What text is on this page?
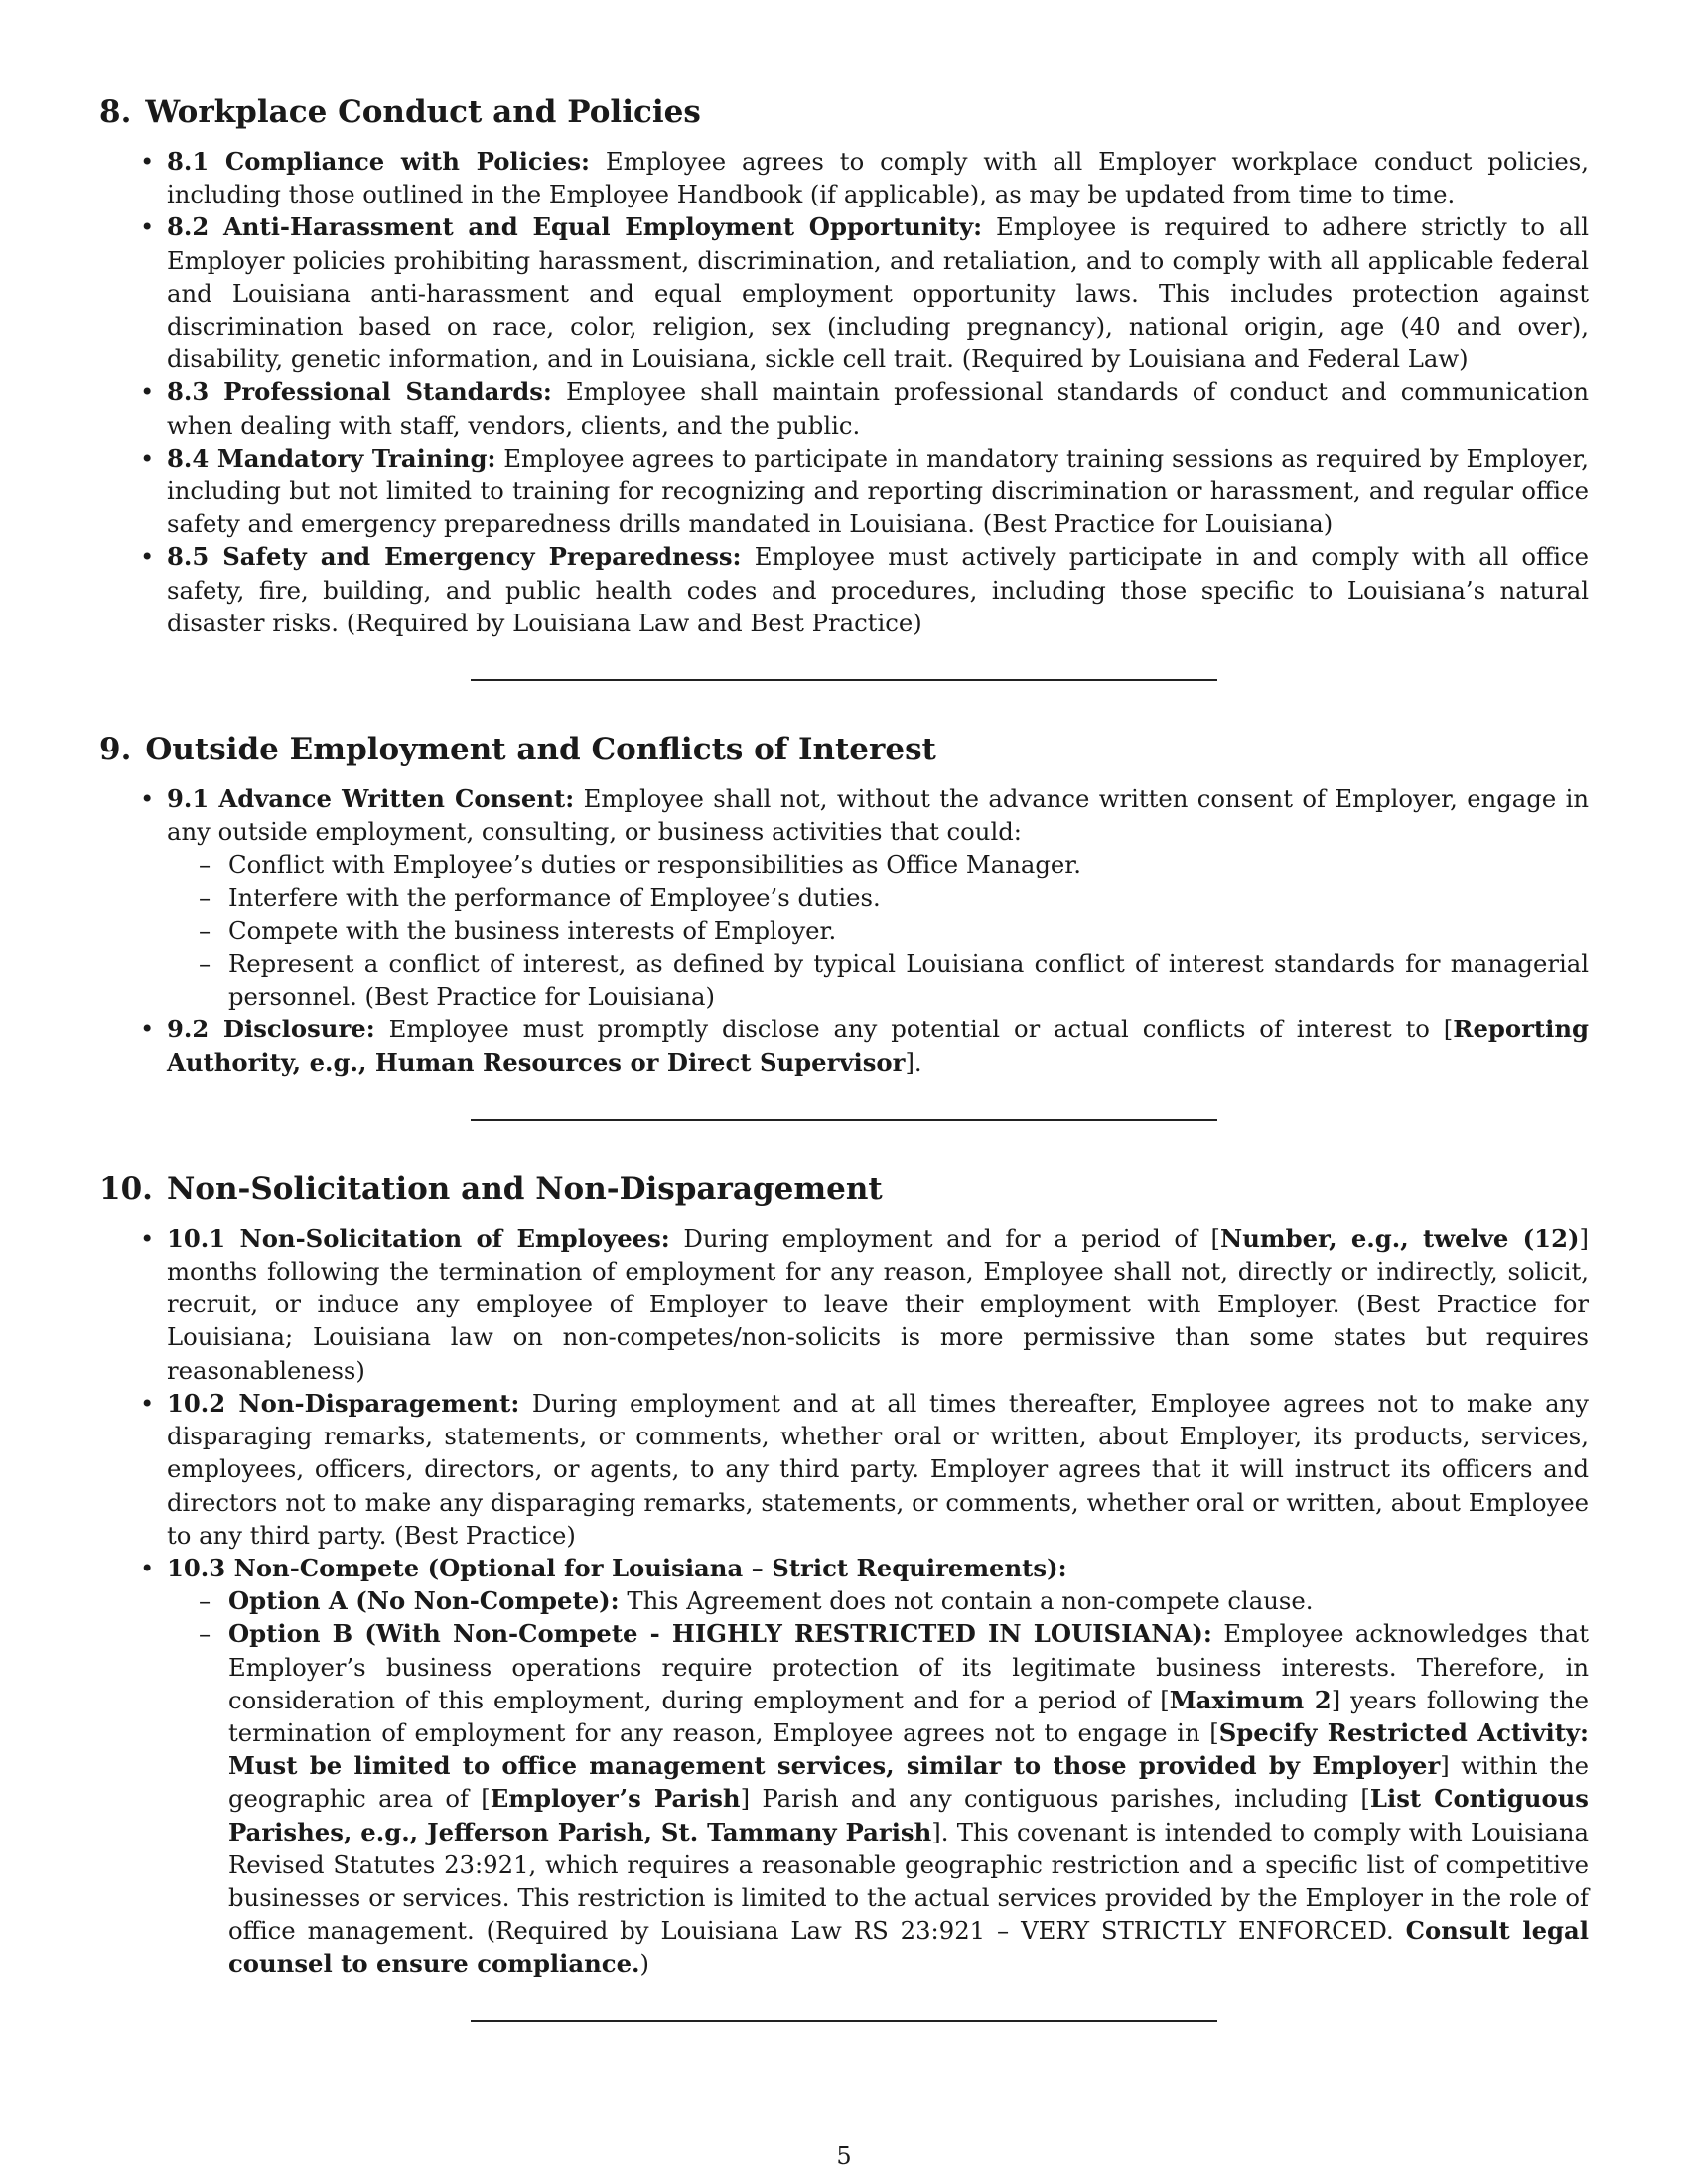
8. Workplace Conduct and Policies
• 8.1 Compliance with Policies: Employee agrees to comply with all Employer workplace conduct policies, including those outlined in the Employee Handbook (if applicable), as may be updated from time to time.
• 8.2 Anti-Harassment and Equal Employment Opportunity: Employee is required to adhere strictly to all Employer policies prohibiting harassment, discrimination, and retaliation, and to comply with all applicable federal and Louisiana anti-harassment and equal employment opportunity laws. This includes protection against discrimination based on race, color, religion, sex (including pregnancy), national origin, age (40 and over), disability, genetic information, and in Louisiana, sickle cell trait. (Required by Louisiana and Federal Law)
• 8.3 Professional Standards: Employee shall maintain professional standards of conduct and communication when dealing with staff, vendors, clients, and the public.
• 8.4 Mandatory Training: Employee agrees to participate in mandatory training sessions as required by Employer, including but not limited to training for recognizing and reporting discrimination or harassment, and regular office safety and emergency preparedness drills mandated in Louisiana. (Best Practice for Louisiana)
• 8.5 Safety and Emergency Preparedness: Employee must actively participate in and comply with all office safety, fire, building, and public health codes and procedures, including those specific to Louisiana’s natural disaster risks. (Required by Louisiana Law and Best Practice)
9. Outside Employment and Conflicts of Interest
• 9.1 Advance Written Consent: Employee shall not, without the advance written consent of Employer, engage in any outside employment, consulting, or business activities that could:
– Conflict with Employee’s duties or responsibilities as Office Manager.
– Interfere with the performance of Employee’s duties.
– Compete with the business interests of Employer.
– Represent a conflict of interest, as defined by typical Louisiana conflict of interest standards for managerial personnel. (Best Practice for Louisiana)
• 9.2 Disclosure: Employee must promptly disclose any potential or actual conflicts of interest to [Reporting Authority, e.g., Human Resources or Direct Supervisor].
10. Non-Solicitation and Non-Disparagement
• 10.1 Non-Solicitation of Employees: During employment and for a period of [Number, e.g., twelve (12)] months following the termination of employment for any reason, Employee shall not, directly or indirectly, solicit, recruit, or induce any employee of Employer to leave their employment with Employer. (Best Practice for Louisiana; Louisiana law on non-competes/non-solicits is more permissive than some states but requires reasonableness)
• 10.2 Non-Disparagement: During employment and at all times thereafter, Employee agrees not to make any disparaging remarks, statements, or comments, whether oral or written, about Employer, its products, services, employees, officers, directors, or agents, to any third party. Employer agrees that it will instruct its officers and directors not to make any disparaging remarks, statements, or comments, whether oral or written, about Employee to any third party. (Best Practice)
• 10.3 Non-Compete (Optional for Louisiana – Strict Requirements):
– Option A (No Non-Compete): This Agreement does not contain a non-compete clause.
– Option B (With Non-Compete - HIGHLY RESTRICTED IN LOUISIANA): Employee acknowledges that Employer’s business operations require protection of its legitimate business interests. Therefore, in consideration of this employment, during employment and for a period of [Maximum 2] years following the termination of employment for any reason, Employee agrees not to engage in [Specify Restricted Activity: Must be limited to office management services, similar to those provided by Employer] within the geographic area of [Employer’s Parish] Parish and any contiguous parishes, including [List Contiguous Parishes, e.g., Jefferson Parish, St. Tammany Parish]. This covenant is intended to comply with Louisiana Revised Statutes 23:921, which requires a reasonable geographic restriction and a specific list of competitive businesses or services. This restriction is limited to the actual services provided by the Employer in the role of office management. (Required by Louisiana Law RS 23:921 – VERY STRICTLY ENFORCED. Consult legal counsel to ensure compliance.)
5
